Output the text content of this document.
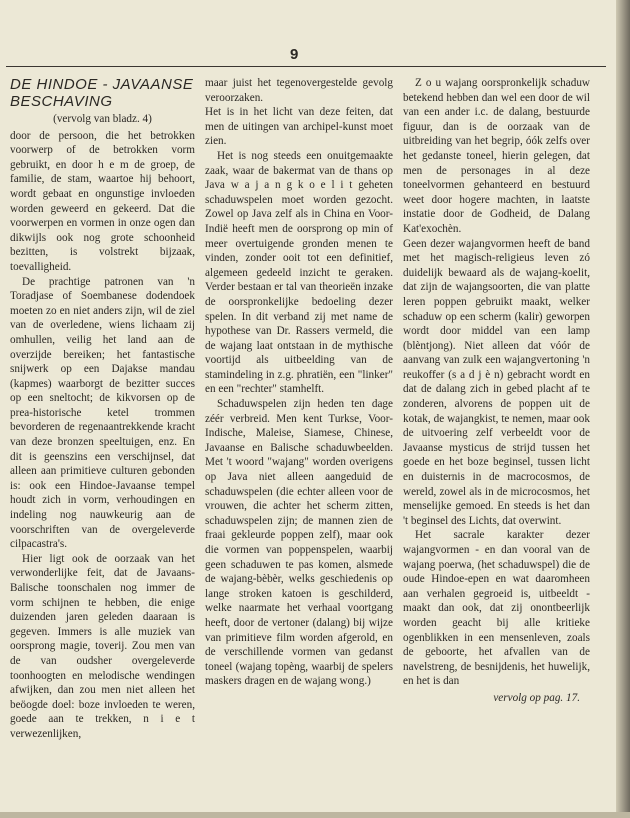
9
DE HINDOE - JAVAANSE BESCHAVING
(vervolg van bladz. 4)

door de persoon, die het betrokken voorwerp of de betrokken vorm gebruikt, en door h e m de groep, de familie, de stam, waartoe hij behoort, wordt gebaat en ongunstige invloeden worden geweerd en gekeerd. Dat die voorwerpen en vormen in onze ogen dan dikwijls ook nog grote schoonheid bezitten, is volstrekt bijzaak, toevalligheid.

De prachtige patronen van 'n Toradjase of Soembanese dodendoek moeten zo en niet anders zijn, wil de ziel van de overledene, wiens lichaam zij omhullen, veilig het land aan de overzijde bereiken; het fantastische snijwerk op een Dajakse mandau (kapmes) waarborgt de bezitter succes op een sneltocht; de kikvorsen op de prea-historische ketel trommen bevorderen de regenaantrekkende kracht van deze bronzen speeltuigen, enz. En dit is geenszins een verschijnsel, dat alleen aan primitieve culturen gebonden is: ook een Hindoe-Javaanse tempel houdt zich in vorm, verhoudingen en indeling nog nauwkeurig aan de voorschriften van de overgeleverde cilpacastra's.

Hier ligt ook de oorzaak van het verwonderlijke feit, dat de Javaans-Balische toonschalen nog immer de vorm schijnen te hebben, die enige duizenden jaren geleden daaraan is gegeven. Immers is alle muziek van oorsprong magie, toverij. Zou men van de van oudsher overgeleverde toonhoogten en melodische wendingen afwijken, dan zou men niet alleen het beöogde doel: boze invloeden te weren, goede aan te trekken, n i e t verwezenlijken,

maar juist het tegenovergestelde gevolg veroorzaken.

Het is in het licht van deze feiten, dat men de uitingen van archipel-kunst moet zien.

Het is nog steeds een onuitgemaakte zaak, waar de bakermat van de thans op Java w a j a n g k o e l i t geheten schaduwspelen moet worden gezocht. Zowel op Java zelf als in China en Voor-Indië heeft men de oorsprong op min of meer overtuigende gronden menen te vinden, zonder ooit tot een definitief, algemeen gedeeld inzicht te geraken. Verder bestaan er tal van theorieën inzake de oorspronkelijke bedoeling dezer spelen. In dit verband zij met name de hypothese van Dr. Rassers vermeld, die de wajang laat ontstaan in de mythische voortijd als uitbeelding van de stamindeling in z.g. phratiën, een "linker" en een "rechter" stamhelft.

Schaduwspelen zijn heden ten dage zéér verbreid. Men kent Turkse, Voor-Indische, Maleise, Siamese, Chinese, Javaanse en Balische schaduwbeelden. Met 't woord "wajang" worden overigens op Java niet alleen aangeduid de schaduwspelen (die echter alleen voor de vrouwen, die achter het scherm zitten, schaduwspelen zijn; de mannen zien de fraai gekleurde poppen zelf), maar ook die vormen van poppenspelen, waarbij geen schaduwen te pas komen, alsmede de wajang-bèbèr, welks geschiedenis op lange stroken katoen is geschilderd, welke naarmate het verhaal voortgang heeft, door de vertoner (dalang) bij wijze van primitieve film worden afgerold, en de verschillende vormen van gedanst toneel (wajang topèng, waarbij de spelers maskers dragen en de wajang wong.)

Z o u wajang oorspronkelijk schaduw betekend hebben dan wel een door de wil van een ander i.c. de dalang, bestuurde figuur, dan is de oorzaak van de uitbreiding van het begrip, óók zelfs over het gedanste toneel, hierin gelegen, dat men de personages in al deze toneelvormen gehanteerd en bestuurd weet door hogere machten, in laatste instatie door de Godheid, de Dalang Kat'exochèn.

Geen dezer wajangvormen heeft de band met het magisch-religieus leven zó duidelijk bewaard als de wajang-koelit, dat zijn de wajangsoorten, die van platte leren poppen gebruikt maakt, welker schaduw op een scherm (kalir) geworpen wordt door middel van een lamp (blèntjong). Niet alleen dat vóór de aanvang van zulk een wajangvertoning 'n reukoffer (s a d j è n) gebracht wordt en dat de dalang zich in gebed placht af te zonderen, alvorens de poppen uit de kotak, de wajangkist, te nemen, maar ook de uitvoering zelf verbeeldt voor de Javaanse mysticus de strijd tussen het goede en het boze beginsel, tussen licht en duisternis in de macrocosmos, de wereld, zowel als in de microcosmos, het menselijke gemoed. En steeds is het dan 't beginsel des Lichts, dat overwint.

Het sacrale karakter dezer wajangvormen - en dan vooral van de wajang poerwa, (het schaduwspel) die de oude Hindoe-epen en wat daaromheen aan verhalen gegroeid is, uitbeeldt - maakt dan ook, dat zij onontbeerlijk worden geacht bij alle kritieke ogenblikken in een mensenleven, zoals de geboorte, het afvallen van de navelstreng, de besnijdenis, het huwelijk, en het is dan

vervolg op pag. 17.
